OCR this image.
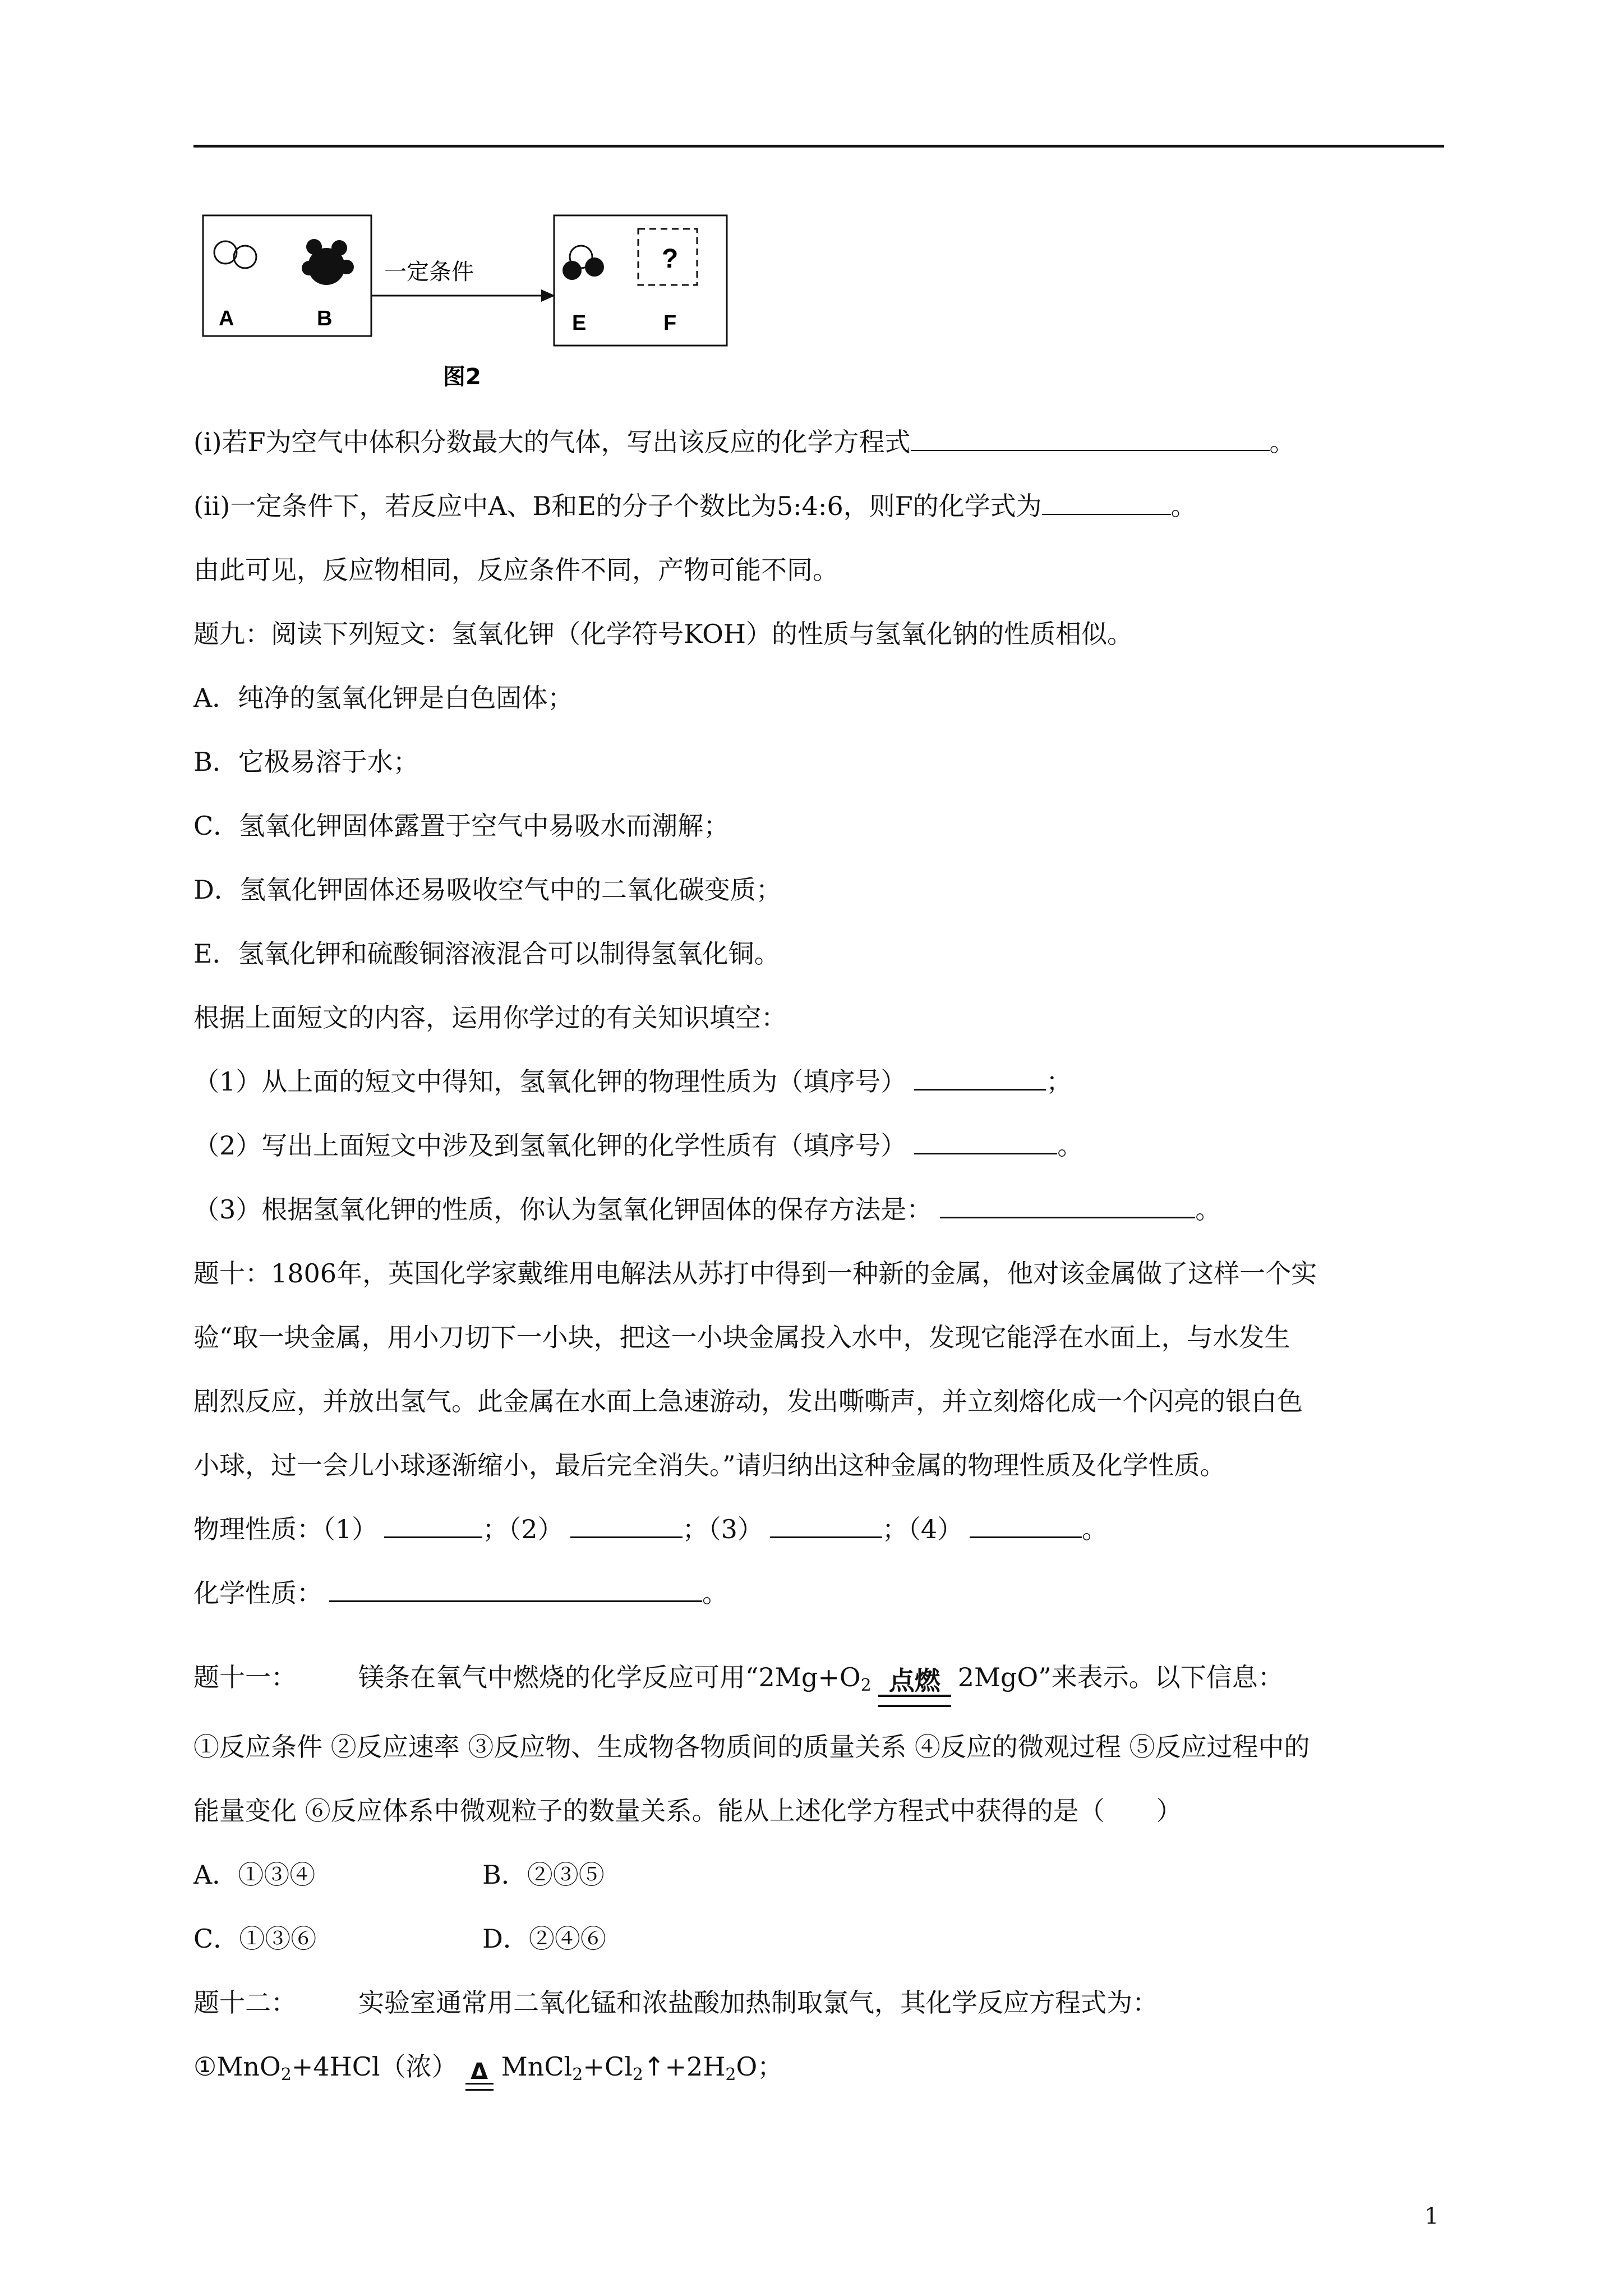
A	B
一定条件	?
E	F
图2
(i)若F为空气中体积分数最大的气体，写出该反应的化学方程式	。
(ii)一定条件下，若反应中A、B和E的分子个数比为5:4:6，则F的化学式为	。
由此可见，反应物相同，反应条件不同，产物可能不同。
题九：阅读下列短文：氢氧化钾（化学符号KOH）的性质与氢氧化钠的性质相似。
A．纯净的氢氧化钾是白色固体；
B．它极易溶于水；
C．氢氧化钾固体露置于空气中易吸水而潮解；
D．氢氧化钾固体还易吸收空气中的二氧化碳变质；
E．氢氧化钾和硫酸铜溶液混合可以制得氢氧化铜。
根据上面短文的内容，运用你学过的有关知识填空：
（1）从上面的短文中得知，氢氧化钾的物理性质为（填序号）	；
（2）写出上面短文中涉及到氢氧化钾的化学性质有（填序号）	。
（3）根据氢氧化钾的性质，你认为氢氧化钾固体的保存方法是：	。
题十：1806年，英国化学家戴维用电解法从苏打中得到一种新的金属，他对该金属做了这样一个实
验“取一块金属，用小刀切下一小块，把这一小块金属投入水中，发现它能浮在水面上，与水发生
剧烈反应，并放出氢气。此金属在水面上急速游动，发出嘶嘶声，并立刻熔化成一个闪亮的银白色
小球，过一会儿小球逐渐缩小，最后完全消失。”请归纳出这种金属的物理性质及化学性质。
物理性质：（1）	；（2）	；（3）	；（4）	。
化学性质：	。
题十一： 镁条在氧气中燃烧的化学反应可用“$2Mg+O_2$ 点燃 2MgO”来表示。以下信息：
①反应条件 ②反应速率 ③反应物、生成物各物质间的质量关系 ④反应的微观过程 ⑤反应过程中的
能量变化 ⑥反应体系中微观粒子的数量关系。能从上述化学方程式中获得的是（　　）
A．①③④	B．②③⑤
C．①③⑥	D．②④⑥
题十二： 实验室通常用二氧化锰和浓盐酸加热制取氯气，其化学反应方程式为：
①MnO$_2$+4HCl（浓） Δ $MnCl_2+Cl_2↑+2H_2O$；
1
